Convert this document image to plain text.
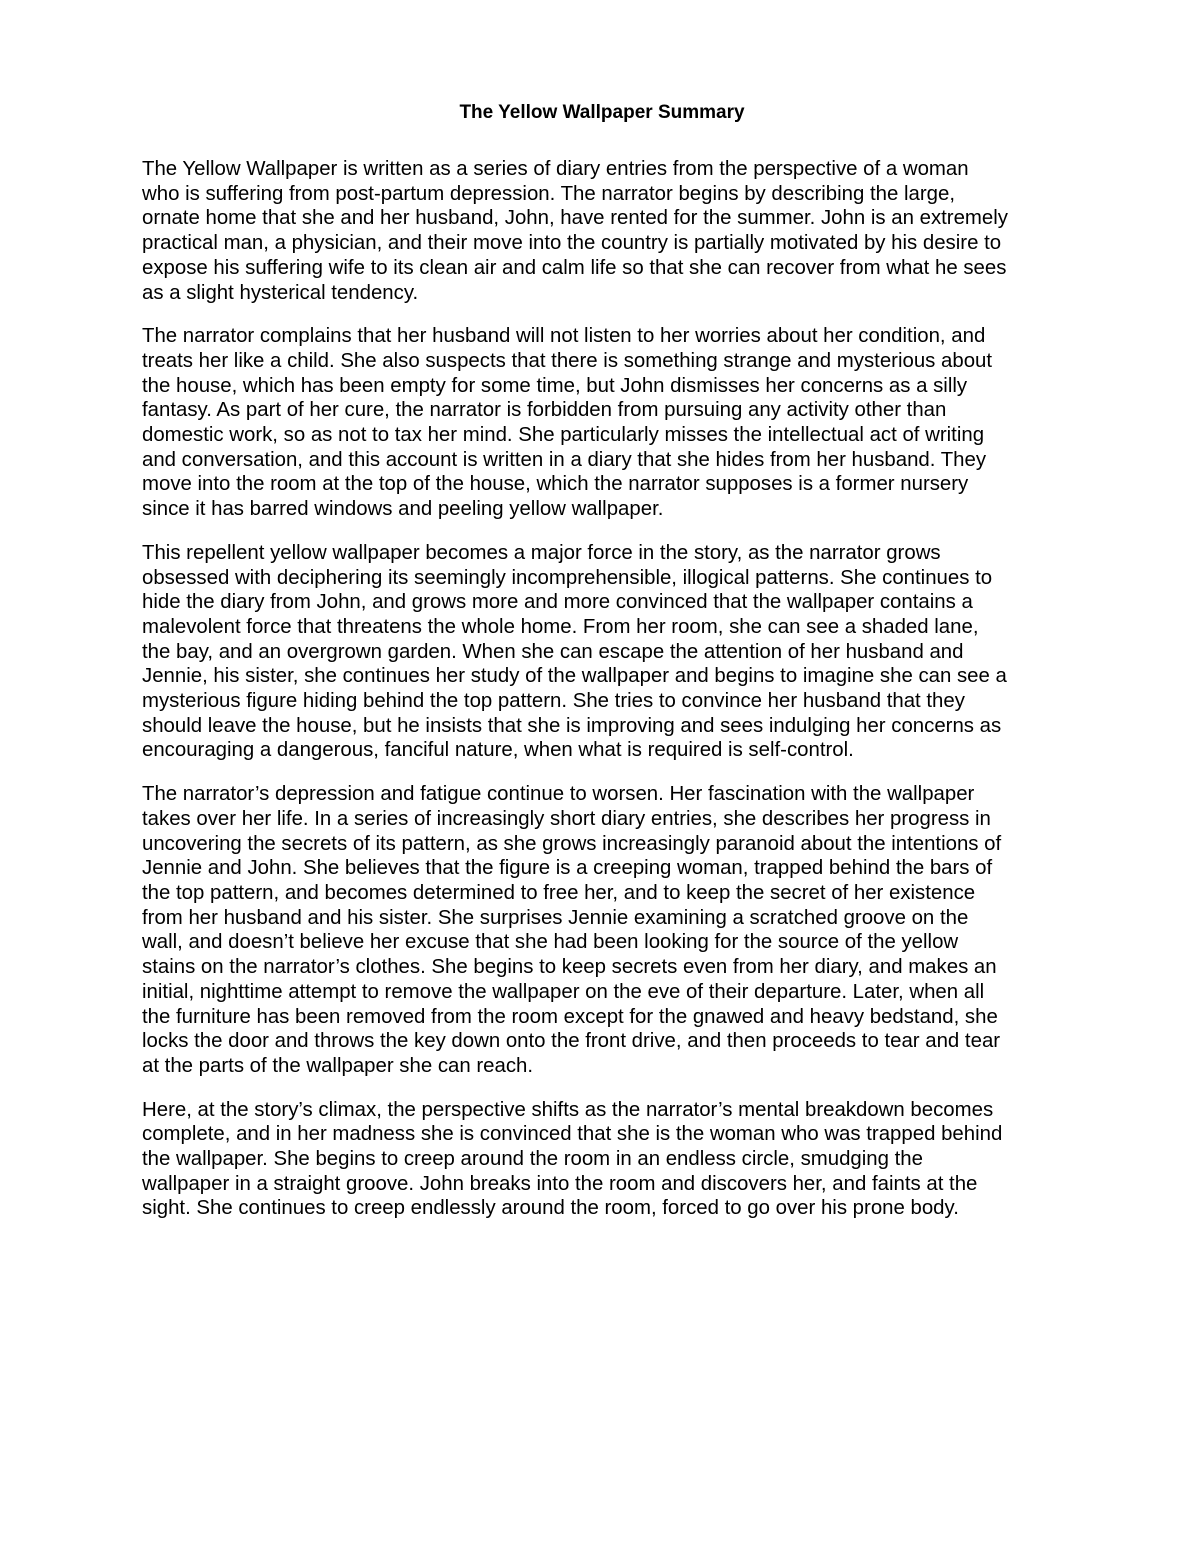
The Yellow Wallpaper Summary
The Yellow Wallpaper is written as a series of diary entries from the perspective of a woman
who is suffering from post-partum depression. The narrator begins by describing the large,
ornate home that she and her husband, John, have rented for the summer. John is an extremely
practical man, a physician, and their move into the country is partially motivated by his desire to
expose his suffering wife to its clean air and calm life so that she can recover from what he sees
as a slight hysterical tendency.
The narrator complains that her husband will not listen to her worries about her condition, and
treats her like a child. She also suspects that there is something strange and mysterious about
the house, which has been empty for some time, but John dismisses her concerns as a silly
fantasy. As part of her cure, the narrator is forbidden from pursuing any activity other than
domestic work, so as not to tax her mind. She particularly misses the intellectual act of writing
and conversation, and this account is written in a diary that she hides from her husband. They
move into the room at the top of the house, which the narrator supposes is a former nursery
since it has barred windows and peeling yellow wallpaper.
This repellent yellow wallpaper becomes a major force in the story, as the narrator grows
obsessed with deciphering its seemingly incomprehensible, illogical patterns. She continues to
hide the diary from John, and grows more and more convinced that the wallpaper contains a
malevolent force that threatens the whole home. From her room, she can see a shaded lane,
the bay, and an overgrown garden. When she can escape the attention of her husband and
Jennie, his sister, she continues her study of the wallpaper and begins to imagine she can see a
mysterious figure hiding behind the top pattern. She tries to convince her husband that they
should leave the house, but he insists that she is improving and sees indulging her concerns as
encouraging a dangerous, fanciful nature, when what is required is self-control.
The narrator’s depression and fatigue continue to worsen. Her fascination with the wallpaper
takes over her life. In a series of increasingly short diary entries, she describes her progress in
uncovering the secrets of its pattern, as she grows increasingly paranoid about the intentions of
Jennie and John. She believes that the figure is a creeping woman, trapped behind the bars of
the top pattern, and becomes determined to free her, and to keep the secret of her existence
from her husband and his sister. She surprises Jennie examining a scratched groove on the
wall, and doesn’t believe her excuse that she had been looking for the source of the yellow
stains on the narrator’s clothes. She begins to keep secrets even from her diary, and makes an
initial, nighttime attempt to remove the wallpaper on the eve of their departure. Later, when all
the furniture has been removed from the room except for the gnawed and heavy bedstand, she
locks the door and throws the key down onto the front drive, and then proceeds to tear and tear
at the parts of the wallpaper she can reach.
Here, at the story’s climax, the perspective shifts as the narrator’s mental breakdown becomes
complete, and in her madness she is convinced that she is the woman who was trapped behind
the wallpaper. She begins to creep around the room in an endless circle, smudging the
wallpaper in a straight groove. John breaks into the room and discovers her, and faints at the
sight. She continues to creep endlessly around the room, forced to go over his prone body.
